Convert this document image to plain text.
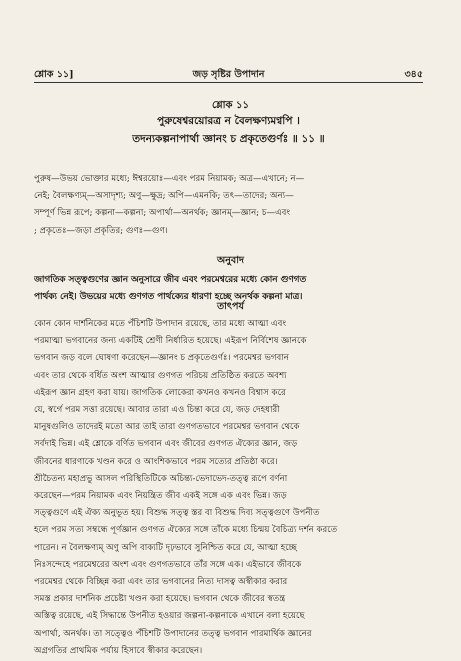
শ্লোক ১১]	জড় সৃষ্টির উপাদান	৩৪৫
শ্লোক ১১
পুরুষেশ্বরয়োরত্র ন বৈলক্ষণ্যমণ্বপি ।
তদন্যকল্পনাপার্থা জ্ঞানং চ প্রকৃতেগুর্ণঃ ॥ ১১ ॥

পুরুষ—উভয় ভোক্তার মধ্যে; ঈশ্বরয়োঃ—এবং পরম নিয়ামক; অত্র—এখানে; ন—

নেই; বৈলক্ষণ্যম্—অসাদৃশ্য; অণু—ক্ষুদ্র; অপি—এমনকি; তৎ—তাদের; অন্য—

সম্পূর্ণ ভিন্ন রূপে; কল্পনা—কল্পনা; অপার্থা—অনর্থক; জ্ঞানম্—জ্ঞান; চ—এবং

; প্রকৃতেঃ—জড়া প্রকৃতির; গুণঃ—গুণ।

অনুবাদ

জাগতিক সত্ত্বগুণের জ্ঞান অনুসারে জীব এবং পরমেশ্বরের মধ্যে কোন গুণগত

পার্থক্য নেই। উভয়ের মধ্যে গুণগত পার্থক্যের ধারণা হচ্ছে অনর্থক কল্পনা মাত্র।

তাৎপর্য

কোন কোন দার্শনিকের মতে পঁচিশটি উপাদান রয়েছে, তার মধ্যে আত্মা এবং

পরমাত্মা ভগবানের জন্য একটিই শ্রেণী নির্ধারিত হয়েছে। এইরূপ নির্বিশেষ জ্ঞানকে

ভগবান জড় বলে ঘোষণা করেছেন—জ্ঞানং চ প্রকৃতেগুর্ণঃ। পরমেশ্বর ভগবান

এবং তার থেকে বর্ধিত অংশ আত্মার গুণগত পরিচয় প্রতিষ্ঠিত করতে অবশ্য

এইরূপ জ্ঞান গ্রহণ করা যায়। জাগতিক লোকেরা কখনও কখনও বিশ্বাস করে

যে, স্বর্গে পরম সত্তা রয়েছে। আবার তারা এও চিন্তা করে যে, জড় দেহধারী

মানুষগুলিও তাদেরই মতো আর তাই তারা গুণগতভাবে পরমেশ্বর ভগবান থেকে

সর্বদাই ভিন্ন। এই শ্লোকে বর্ণিত ভগবান এবং জীবের গুণগত ঐক্যের জ্ঞান, জড়

জীবনের ধারণাকে খণ্ডন করে ও আংশিকভাবে পরম সত্যের প্রতিষ্ঠা করে।

শ্রীচৈতন্য মহাপ্রভু আসল পরিস্থিতিটিকে অচিন্ত্য-ভেদাভেদ-তত্ত্ব রূপে বর্ণনা

করেছেন—পরম নিয়ামক এবং নিয়ন্ত্রিত জীব একই সঙ্গে এক এবং ভিন্ন। জড়

সত্ত্বগুণে এই ঐক্য অনুভূত হয়। বিশুদ্ধ সত্ত্ব স্তর বা বিশুদ্ধ দিব্য সত্ত্বগুণে উপনীত

হলে পরম সত্য সম্বন্ধে পূর্ণজ্ঞান গুণগত ঐক্যের সঙ্গে তাঁকে মধ্যে চিন্ময় বৈচিত্র্য দর্শন করতে

পারেন। ন বৈলক্ষণ্যম্ অণু অপি বাক্যটি দৃঢ়ভাবে সুনিশ্চিত করে যে, আত্মা হচ্ছে

নিঃসন্দেহে পরমেশ্বরের অংশ এবং গুণগতভাবে তাঁর সঙ্গে এক। এইভাবে জীবকে

পরমেশ্বর থেকে বিচ্ছিন্ন করা এবং তার ভগবানের নিত্য দাসত্ব অস্বীকার করার

সমস্ত প্রকার দার্শনিক প্রচেষ্টা খণ্ডন করা হয়েছে। ভগবান থেকে জীবের স্বতন্ত্র

অস্তিত্ব রয়েছে, এই সিদ্ধান্তে উপনীত হওয়ার জল্পনা-কল্পনাকে এখানে বলা হয়েছে

অপার্থা, অনর্থক। তা সত্ত্বেও পঁচিশটি উপাদানের তত্ত্ব ভগবান পারমার্থিক জ্ঞানের

অগ্রগতির প্রাথমিক পর্যায় হিসাবে স্বীকার করেছেন।
